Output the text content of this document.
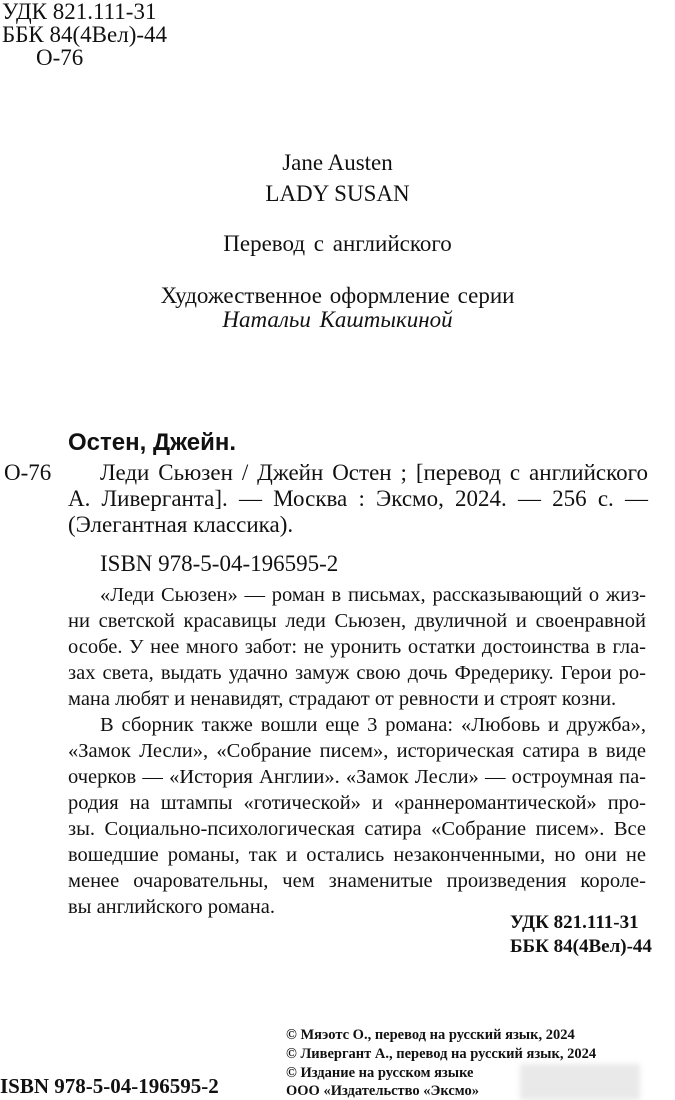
УДК 821.111-31
ББК 84(4Вел)-44
О-76
Jane Austen
LADY SUSAN
Перевод с английского
Художественное оформление серии
Натальи Каштыкиной
Остен, Джейн.
О-76 Леди Сьюзен / Джейн Остен ; [перевод с английского
А. Ливерганта]. — Москва : Эксмо, 2024. — 256 с. —
(Элегантная классика).
ISBN 978-5-04-196595-2
«Леди Сьюзен» — роман в письмах, рассказывающий о жиз-
ни светской красавицы леди Сьюзен, двуличной и своенравной
особе. У нее много забот: не уронить остатки достоинства в гла-
зах света, выдать удачно замуж свою дочь Фредерику. Герои ро-
мана любят и ненавидят, страдают от ревности и строят козни.
В сборник также вошли еще 3 романа: «Любовь и дружба»,
«Замок Лесли», «Собрание писем», историческая сатира в виде
очерков — «История Англии». «Замок Лесли» — остроумная па-
родия на штампы «готической» и «раннеромантической» про-
зы. Социально-психологическая сатира «Собрание писем». Все
вошедшие романы, так и остались незаконченными, но они не
менее очаровательны, чем знаменитые произведения короле-
вы английского романа.
УДК 821.111-31
ББК 84(4Вел)-44
© Мяэотс О., перевод на русский язык, 2024
© Ливергант А., перевод на русский язык, 2024
© Издание на русском языке
ООО «Издательство «Эксмо»
ISBN 978-5-04-196595-2
